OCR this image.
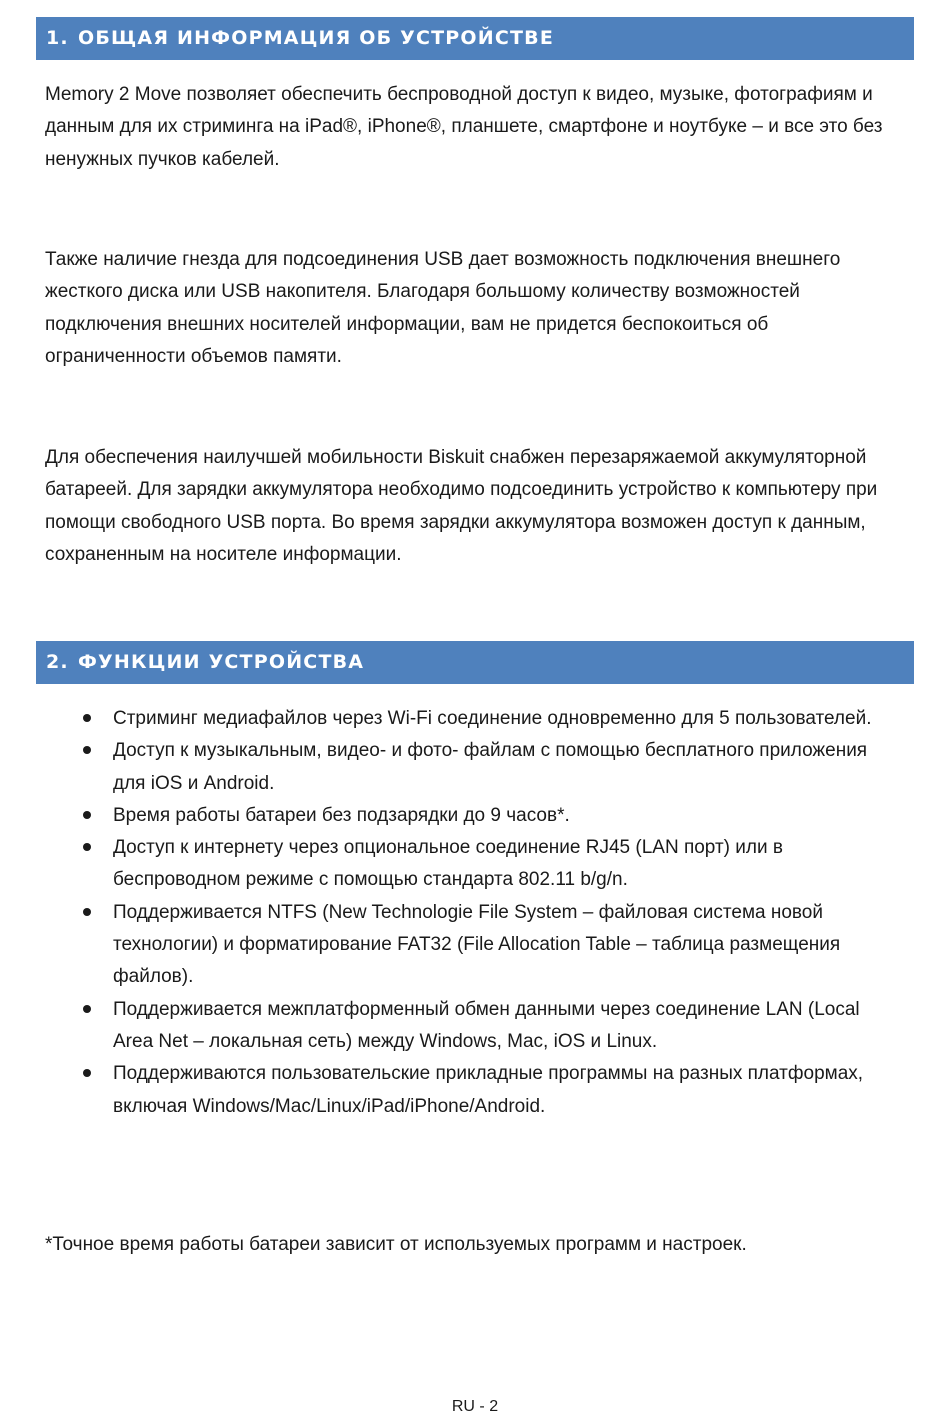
1. ОБЩАЯ ИНФОРМАЦИЯ ОБ УСТРОЙСТВЕ

Memory 2 Move позволяет обеспечить беспроводной доступ к видео, музыке, фотографиям и данным для их стриминга на iPad®, iPhone®, планшете, смартфоне и ноутбуке – и все это без ненужных пучков кабелей.

Также наличие гнезда для подсоединения USB дает возможность подключения внешнего жесткого диска или USB накопителя. Благодаря большому количеству возможностей подключения внешних носителей информации, вам не придется беспокоиться об ограниченности объемов памяти.

Для обеспечения наилучшей мобильности Biskuit снабжен перезаряжаемой аккумуляторной батареей. Для зарядки аккумулятора необходимо подсоединить устройство к компьютеру при помощи свободного USB порта. Во время зарядки аккумулятора возможен доступ к данным, сохраненным на носителе информации.

2. ФУНКЦИИ УСТРОЙСТВА
Стриминг медиафайлов через Wi-Fi соединение одновременно для 5 пользователей.
Доступ к музыкальным, видео- и фото- файлам с помощью бесплатного приложения для iOS и Android.
Время работы батареи без подзарядки до 9 часов*.
Доступ к интернету через опциональное соединение RJ45 (LAN порт) или в беспроводном режиме с помощью стандарта 802.11 b/g/n.
Поддерживается NTFS (New Technologie File System – файловая система новой технологии) и форматирование FAT32 (File Allocation Table – таблица размещения файлов).
Поддерживается межплатформенный обмен данными через соединение LAN (Local Area Net – локальная сеть) между Windows, Mac, iOS и Linux.
Поддерживаются пользовательские прикладные программы на разных платформах, включая Windows/Mac/Linux/iPad/iPhone/Android.

*Точное время работы батареи зависит от используемых программ и настроек.

RU - 2
